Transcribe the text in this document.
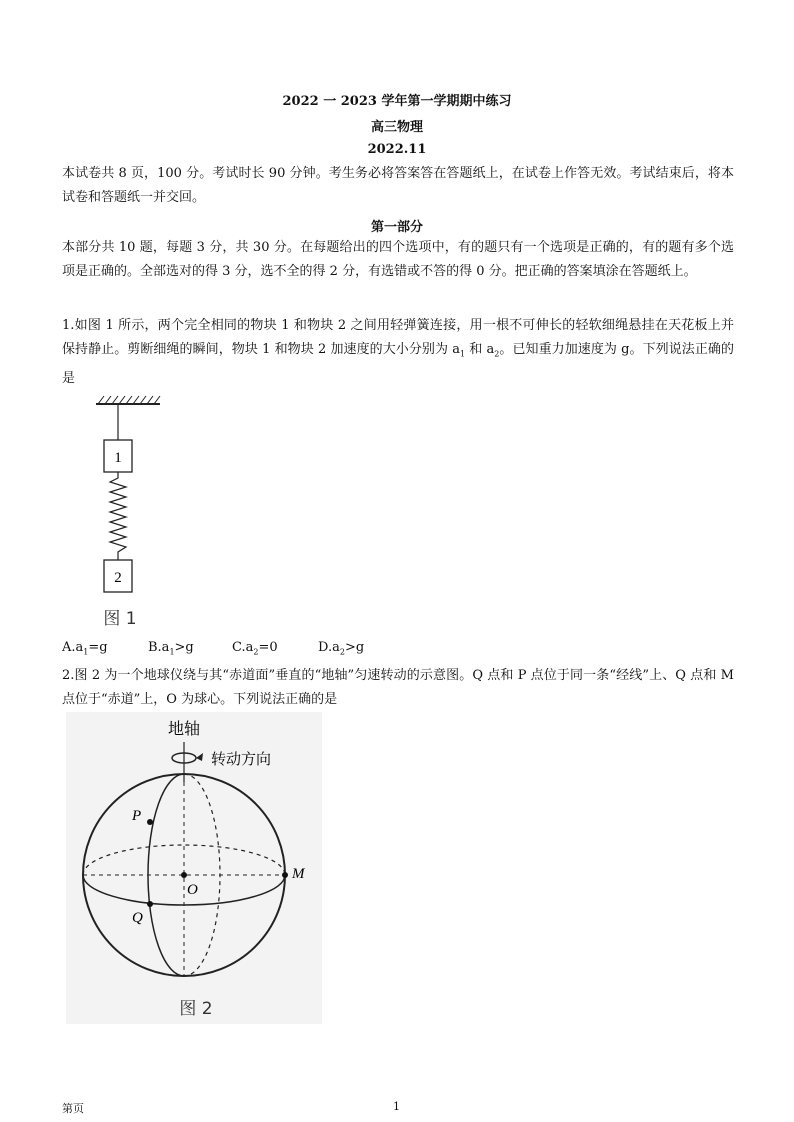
2022 一 2023 学年第一学期期中练习
高三物理
2022.11
本试卷共 8 页，100 分。考试时长 90 分钟。考生务必将答案答在答题纸上，在试卷上作答无效。考试结束后，将本试卷和答题纸一并交回。
第一部分
本部分共 10 题，每题 3 分，共 30 分。在每题给出的四个选项中，有的题只有一个选项是正确的，有的题有多个选项是正确的。全部选对的得 3 分，选不全的得 2 分，有选错或不答的得 0 分。把正确的答案填涂在答题纸上。
1.如图 1 所示，两个完全相同的物块 1 和物块 2 之间用轻弹簧连接，用一根不可伸长的轻软细绳悬挂在天花板上并保持静止。剪断细绳的瞬间，物块 1 和物块 2 加速度的大小分别为 $a_1$ 和 $a_2$。已知重力加速度为 g。下列说法正确的是
1
2
图 1
$A.a_1=g$	$B.a_1>g$	$C.a_2=0$	$D.a_2>g$
2.图 2 为一个地球仪绕与其“赤道面”垂直的“地轴”匀速转动的示意图。Q 点和 P 点位于同一条“经线”上、Q 点和 M 点位于“赤道”上，O 为球心。下列说法正确的是
地轴
转动方向
P
O
M
Q
图 2
第页	1
